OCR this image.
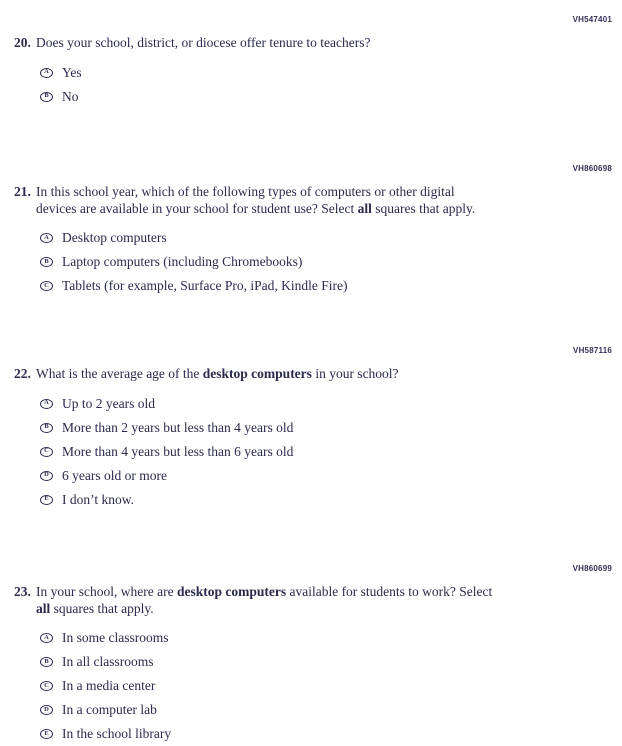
VH547401
20. Does your school, district, or diocese offer tenure to teachers?
A Yes
B No
VH860698
21. In this school year, which of the following types of computers or other digital
devices are available in your school for student use? Select all squares that apply.
A Desktop computers
B Laptop computers (including Chromebooks)
C Tablets (for example, Surface Pro, iPad, Kindle Fire)
VH587116
22. What is the average age of the desktop computers in your school?
A Up to 2 years old
B More than 2 years but less than 4 years old
C More than 4 years but less than 6 years old
D 6 years old or more
E I don’t know.
VH860699
23. In your school, where are desktop computers available for students to work? Select
all squares that apply.
A In some classrooms
B In all classrooms
C In a media center
D In a computer lab
E In the school library
